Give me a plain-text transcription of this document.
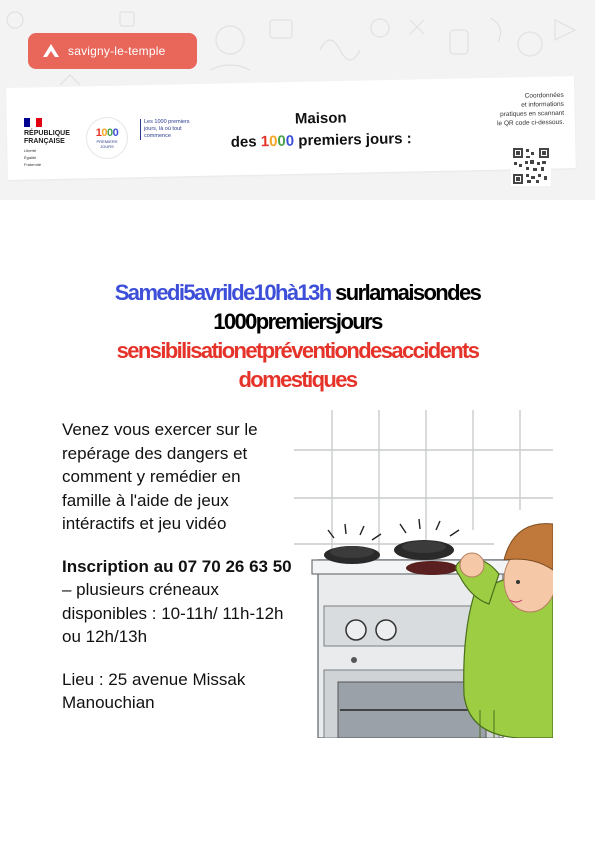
savigny-le-temple
RÉPUBLIQUE
FRANÇAISE
Liberté
Égalité
Fraternité
1000
PREMIERS
JOURS
Les 1000 premiers jours, là où tout commence
Maison
des 1000 premiers jours :
Coordonnées
et informations
pratiques en scannant
le QR code ci-dessous.
Samedi5avrilde10hà13h surlamaisondes
1000premiersjours
sensibilisationetpréventiondesaccidents
domestiques

Venez vous exercer sur le repérage des dangers et comment y remédier en famille à l'aide de jeux intéractifs et jeu vidéo

Inscription au 07 70 26 63 50 – plusieurs créneaux disponibles : 10-11h/ 11h-12h ou 12h/13h

Lieu : 25 avenue Missak Manouchian
